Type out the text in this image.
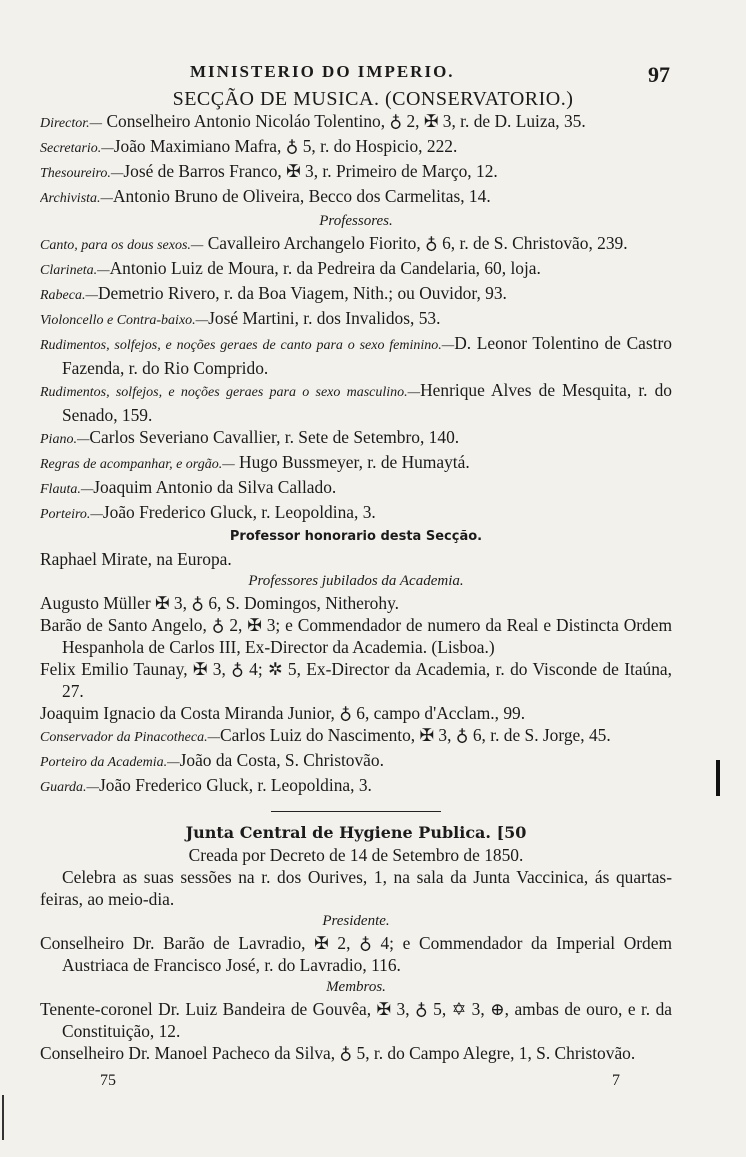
MINISTERIO DO IMPERIO.	97
SECÇÃO DE MUSICA. (CONSERVATORIO.)
Director.— Conselheiro Antonio Nicoláo Tolentino, ♁ 2, ✠ 3, r. de D. Luiza, 35.
Secretario.—João Maximiano Mafra, ♁ 5, r. do Hospicio, 222.
Thesoureiro.—José de Barros Franco, ✠ 3, r. Primeiro de Março, 12.
Archivista.—Antonio Bruno de Oliveira, Becco dos Carmelitas, 14.
Professores.
Canto, para os dous sexos.— Cavalleiro Archangelo Fiorito, ♁ 6, r. de S. Christovão, 239.
Clarineta.—Antonio Luiz de Moura, r. da Pedreira da Candelaria, 60, loja.
Rabeca.—Demetrio Rivero, r. da Boa Viagem, Nith.; ou Ouvidor, 93.
Violoncello e Contra-baixo.—José Martini, r. dos Invalidos, 53.
Rudimentos, solfejos, e noções geraes de canto para o sexo feminino.—D. Leonor Tolentino de Castro Fazenda, r. do Rio Comprido.
Rudimentos, solfejos, e noções geraes para o sexo masculino.—Henrique Alves de Mesquita, r. do Senado, 159.
Piano.—Carlos Severiano Cavallier, r. Sete de Setembro, 140.
Regras de acompanhar, e orgão.— Hugo Bussmeyer, r. de Humaytá.
Flauta.—Joaquim Antonio da Silva Callado.
Porteiro.—João Frederico Gluck, r. Leopoldina, 3.
Professor honorario desta Secção.
Raphael Mirate, na Europa.
Professores jubilados da Academia.
Augusto Müller ✠ 3, ♁ 6, S. Domingos, Nitherohy.
Barão de Santo Angelo, ♁ 2, ✠ 3; e Commendador de numero da Real e Distincta Ordem Hespanhola de Carlos III, Ex-Director da Academia. (Lisboa.)
Felix Emilio Taunay, ✠ 3, ♁ 4; ✲ 5, Ex-Director da Academia, r. do Visconde de Itaúna, 27.
Joaquim Ignacio da Costa Miranda Junior, ♁ 6, campo d'Acclam., 99.
Conservador da Pinacotheca.—Carlos Luiz do Nascimento, ✠ 3, ♁ 6, r. de S. Jorge, 45.
Porteiro da Academia.—João da Costa, S. Christovão.
Guarda.—João Frederico Gluck, r. Leopoldina, 3.
Junta Central de Hygiene Publica. [50
Creada por Decreto de 14 de Setembro de 1850.
Celebra as suas sessões na r. dos Ourives, 1, na sala da Junta Vaccinica, ás quartas-feiras, ao meio-dia.
Presidente.
Conselheiro Dr. Barão de Lavradio, ✠ 2, ♁ 4; e Commendador da Imperial Ordem Austriaca de Francisco José, r. do Lavradio, 116.
Membros.
Tenente-coronel Dr. Luiz Bandeira de Gouvêa, ✠ 3, ♁ 5, ✡ 3, ⊕, ambas de ouro, e r. da Constituição, 12.
Conselheiro Dr. Manoel Pacheco da Silva, ♁ 5, r. do Campo Alegre, 1, S. Christovão.
75	7
